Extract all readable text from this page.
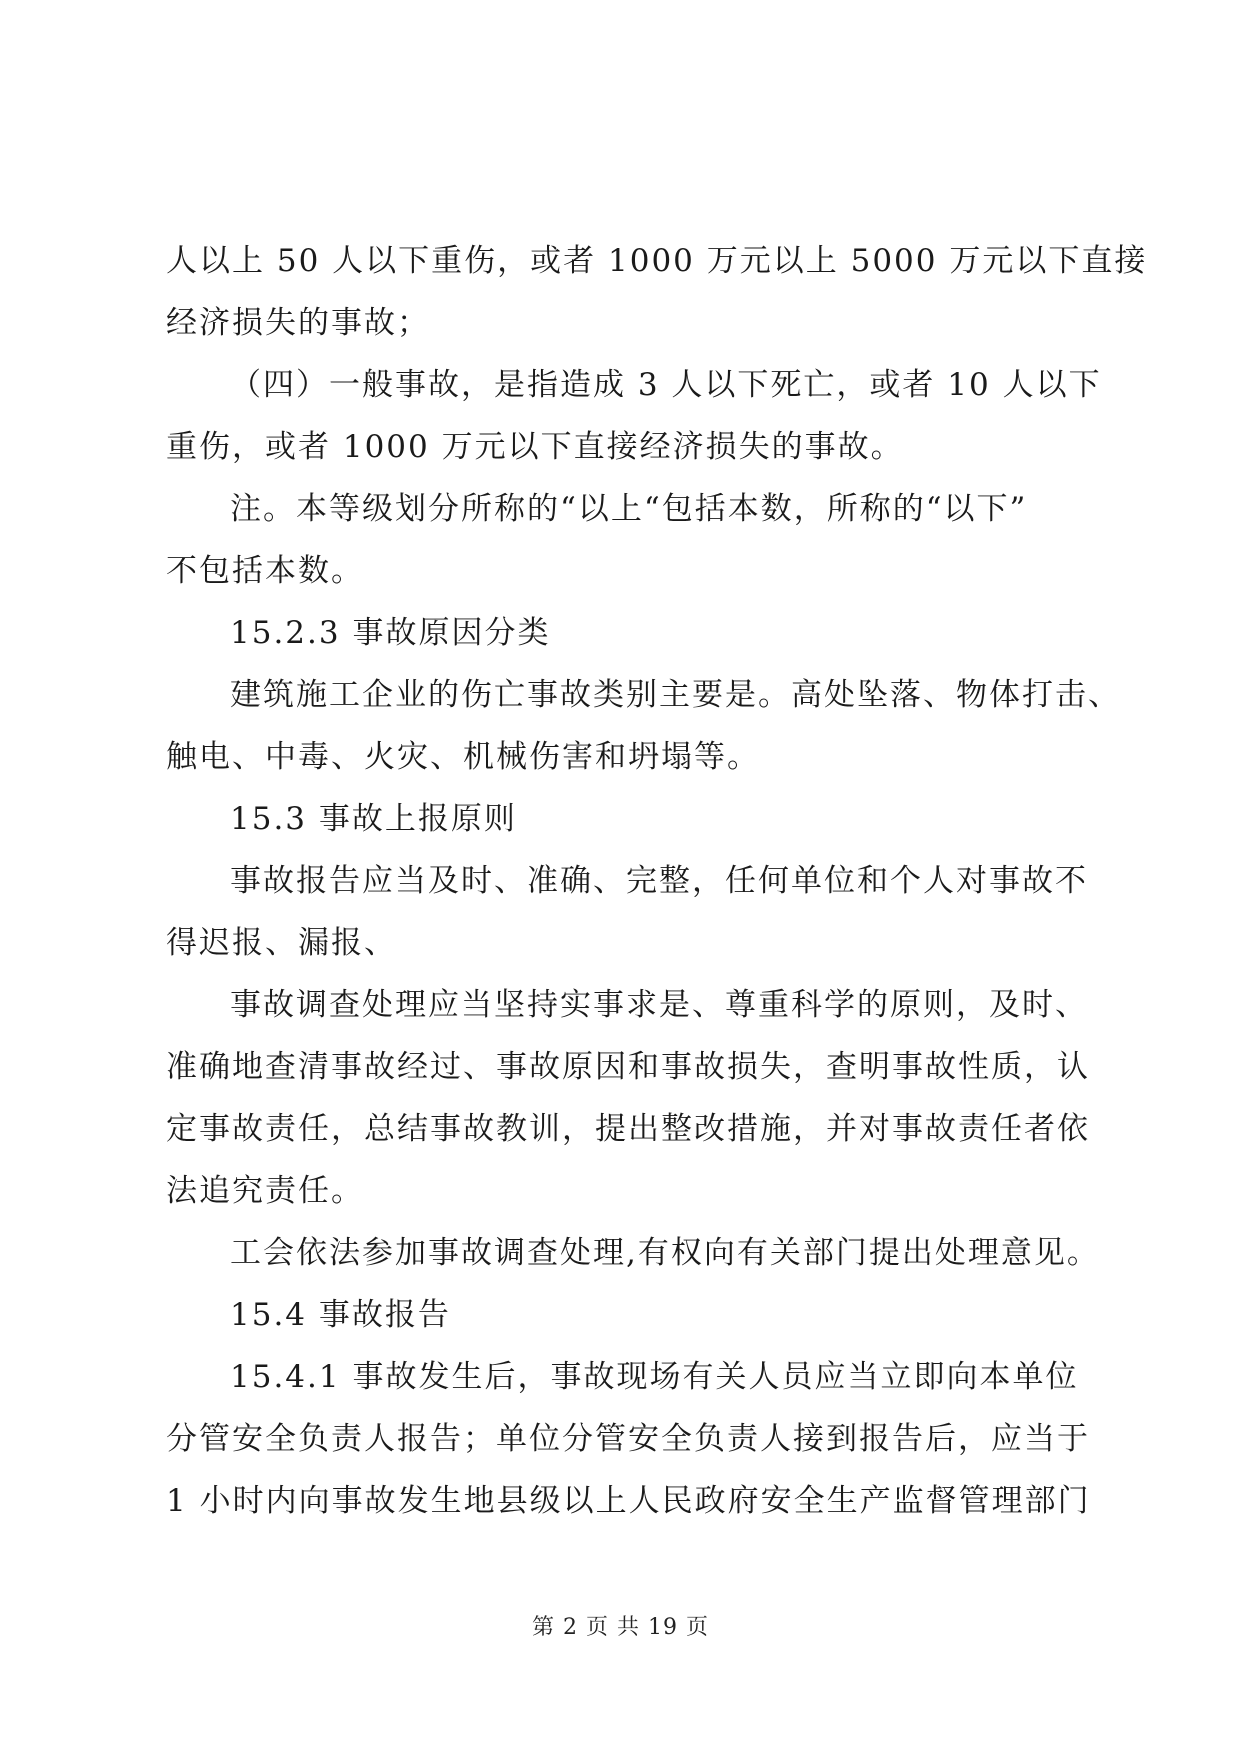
人以上 50 人以下重伤，或者 1000 万元以上 5000 万元以下直接
经济损失的事故；
（四）一般事故，是指造成 3 人以下死亡，或者 10 人以下
重伤，或者 1000 万元以下直接经济损失的事故。
注。本等级划分所称的“以上“包括本数，所称的“以下”
不包括本数。
15.2.3 事故原因分类
建筑施工企业的伤亡事故类别主要是。高处坠落、物体打击、
触电、中毒、火灾、机械伤害和坍塌等。
15.3 事故上报原则
事故报告应当及时、准确、完整，任何单位和个人对事故不
得迟报、漏报、
事故调查处理应当坚持实事求是、尊重科学的原则，及时、
准确地查清事故经过、事故原因和事故损失，查明事故性质，认
定事故责任，总结事故教训，提出整改措施，并对事故责任者依
法追究责任。
工会依法参加事故调查处理,有权向有关部门提出处理意见。
15.4 事故报告
15.4.1 事故发生后，事故现场有关人员应当立即向本单位
分管安全负责人报告；单位分管安全负责人接到报告后，应当于
1 小时内向事故发生地县级以上人民政府安全生产监督管理部门
第 2 页 共 19 页
